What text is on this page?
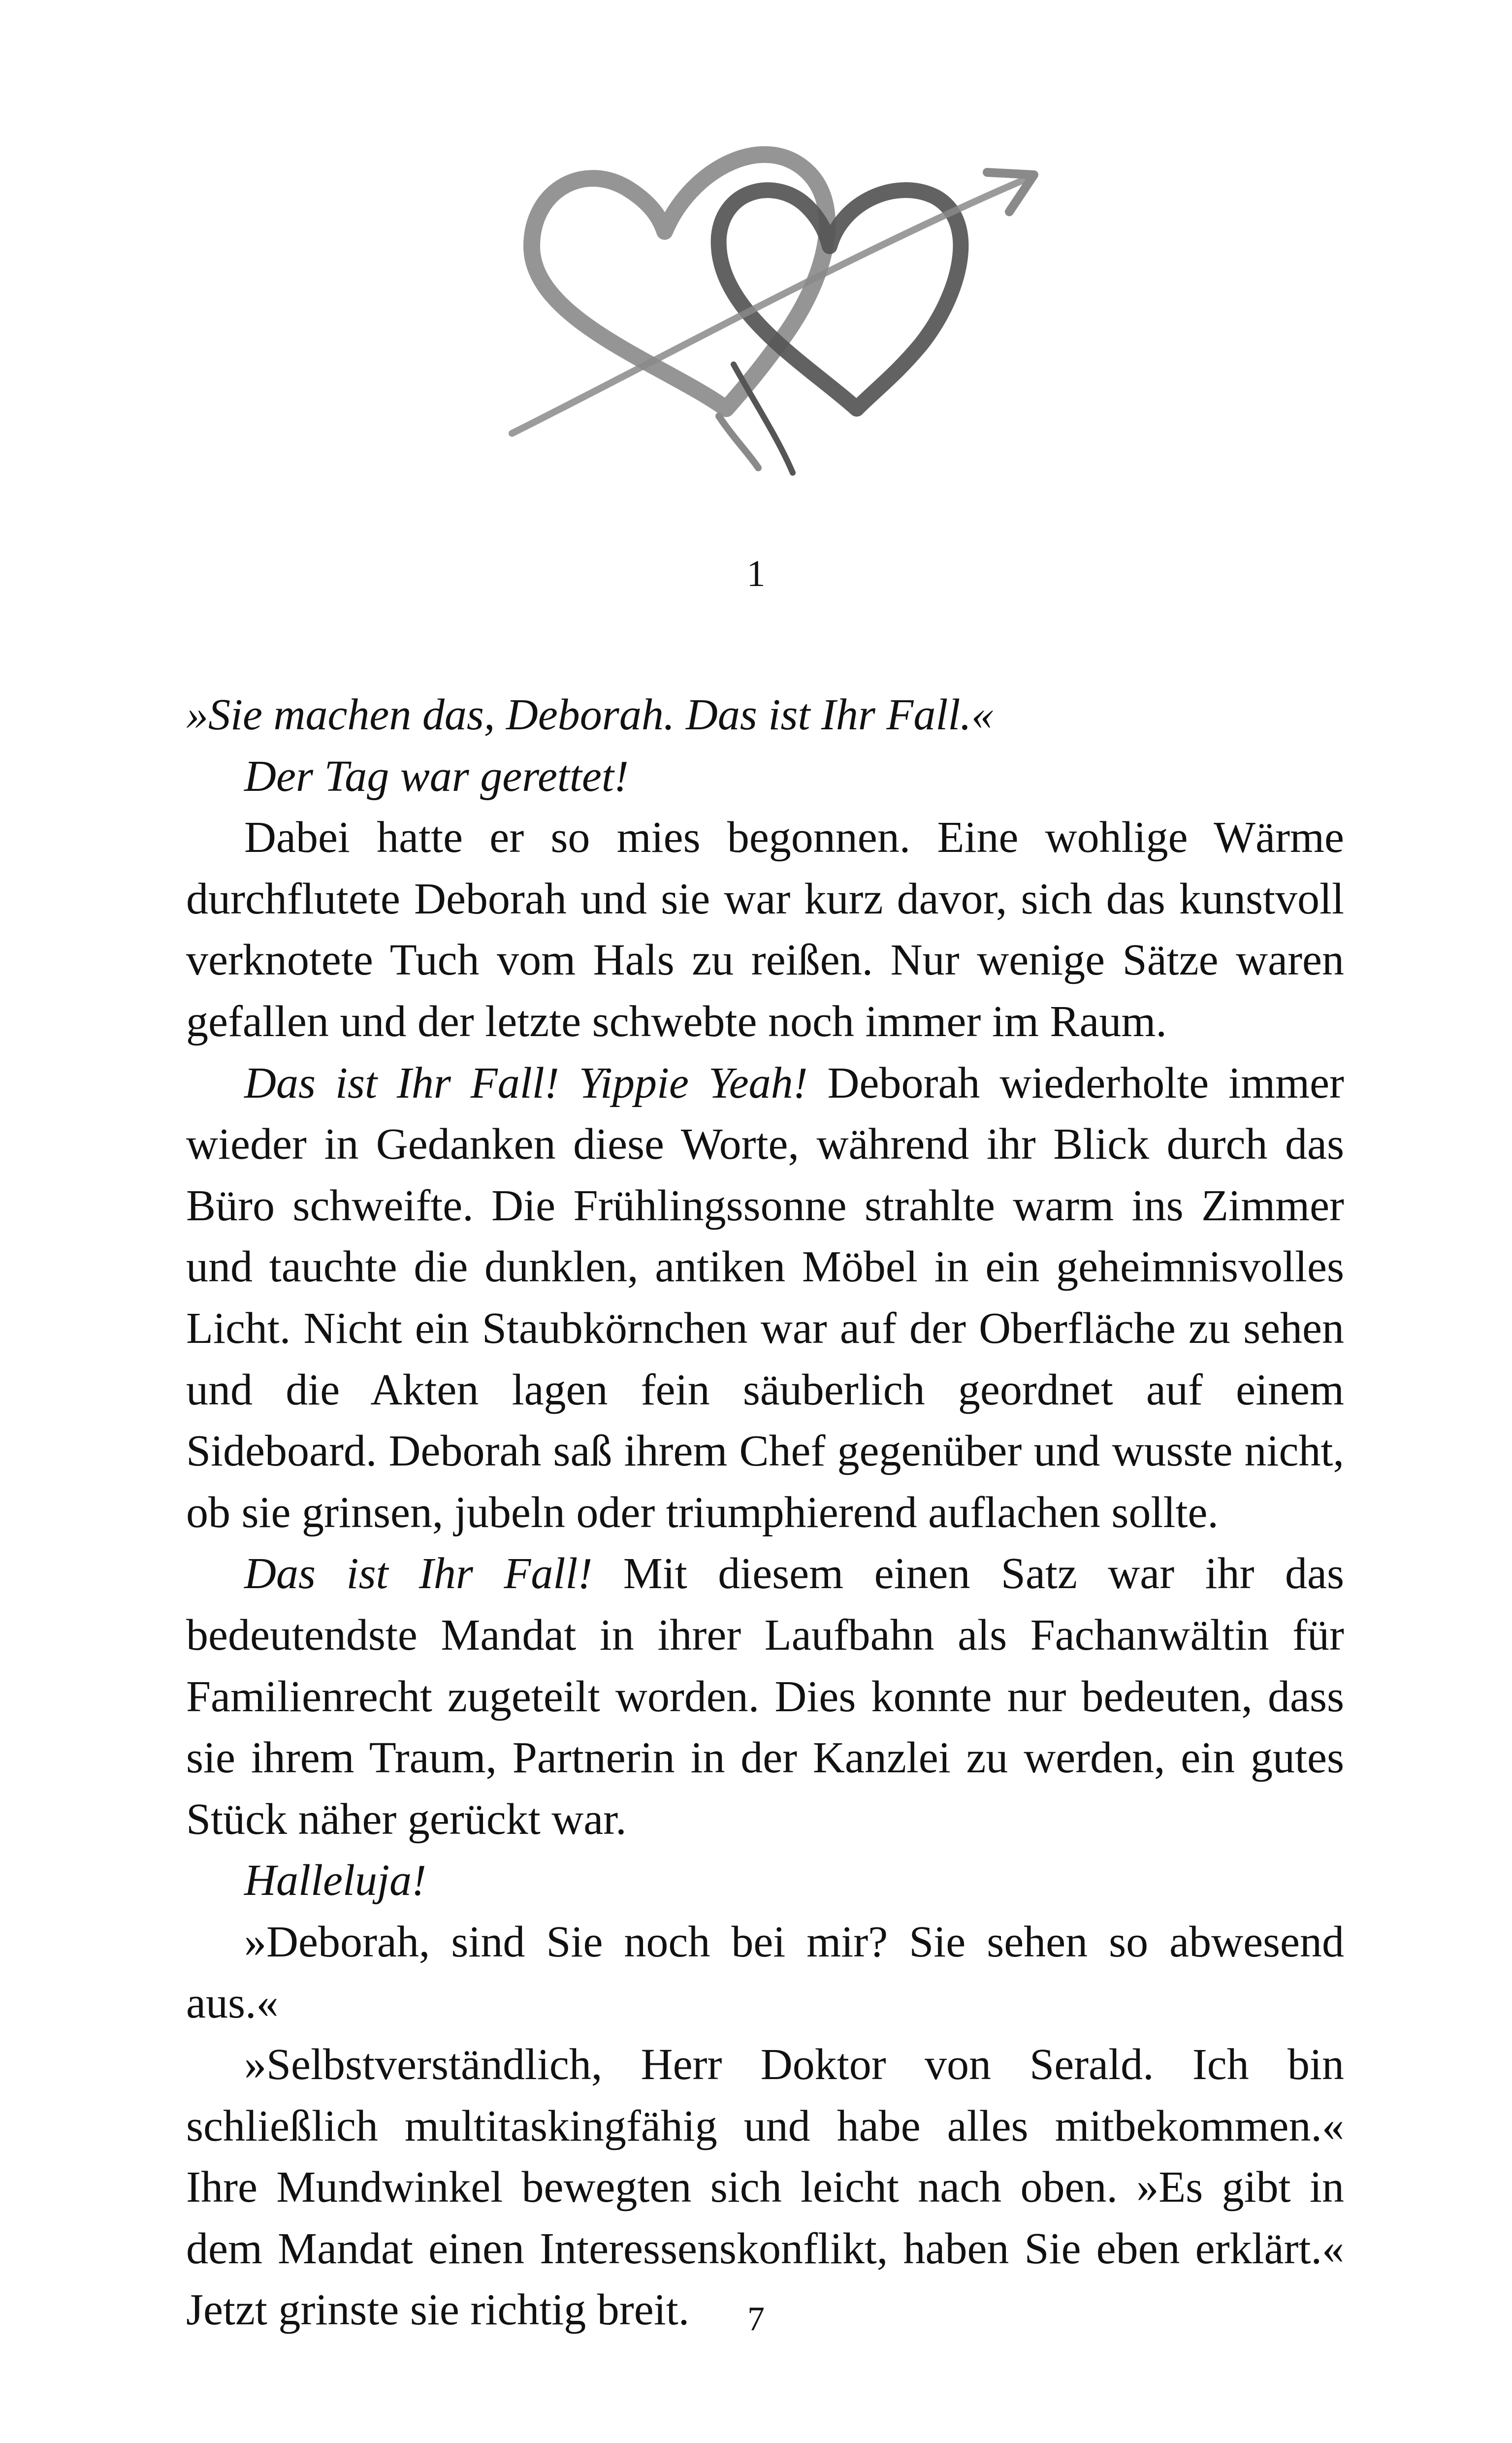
1

»Sie machen das, Deborah. Das ist Ihr Fall.«

Der Tag war gerettet!

Dabei hatte er so mies begonnen. Eine wohlige Wärme durchflutete Deborah und sie war kurz davor, sich das kunstvoll verknotete Tuch vom Hals zu reißen. Nur wenige Sätze waren gefallen und der letzte schwebte noch immer im Raum.

Das ist Ihr Fall! Yippie Yeah! Deborah wiederholte immer wieder in Gedanken diese Worte, während ihr Blick durch das Büro schweifte. Die Frühlingssonne strahlte warm ins Zimmer und tauchte die dunklen, antiken Möbel in ein geheimnisvolles Licht. Nicht ein Staubkörnchen war auf der Oberfläche zu sehen und die Akten lagen fein säuberlich geordnet auf einem Sideboard. Deborah saß ihrem Chef gegenüber und wusste nicht, ob sie grinsen, jubeln oder triumphierend auflachen sollte.

Das ist Ihr Fall! Mit diesem einen Satz war ihr das bedeutendste Mandat in ihrer Laufbahn als Fachanwältin für Familienrecht zugeteilt worden. Dies konnte nur bedeuten, dass sie ihrem Traum, Partnerin in der Kanzlei zu werden, ein gutes Stück näher gerückt war.

Halleluja!

»Deborah, sind Sie noch bei mir? Sie sehen so abwesend aus.«

»Selbstverständlich, Herr Doktor von Serald. Ich bin schließlich multitaskingfähig und habe alles mitbekommen.« Ihre Mundwinkel bewegten sich leicht nach oben. »Es gibt in dem Mandat einen Interessenskonflikt, haben Sie eben erklärt.« Jetzt grinste sie richtig breit.	7
